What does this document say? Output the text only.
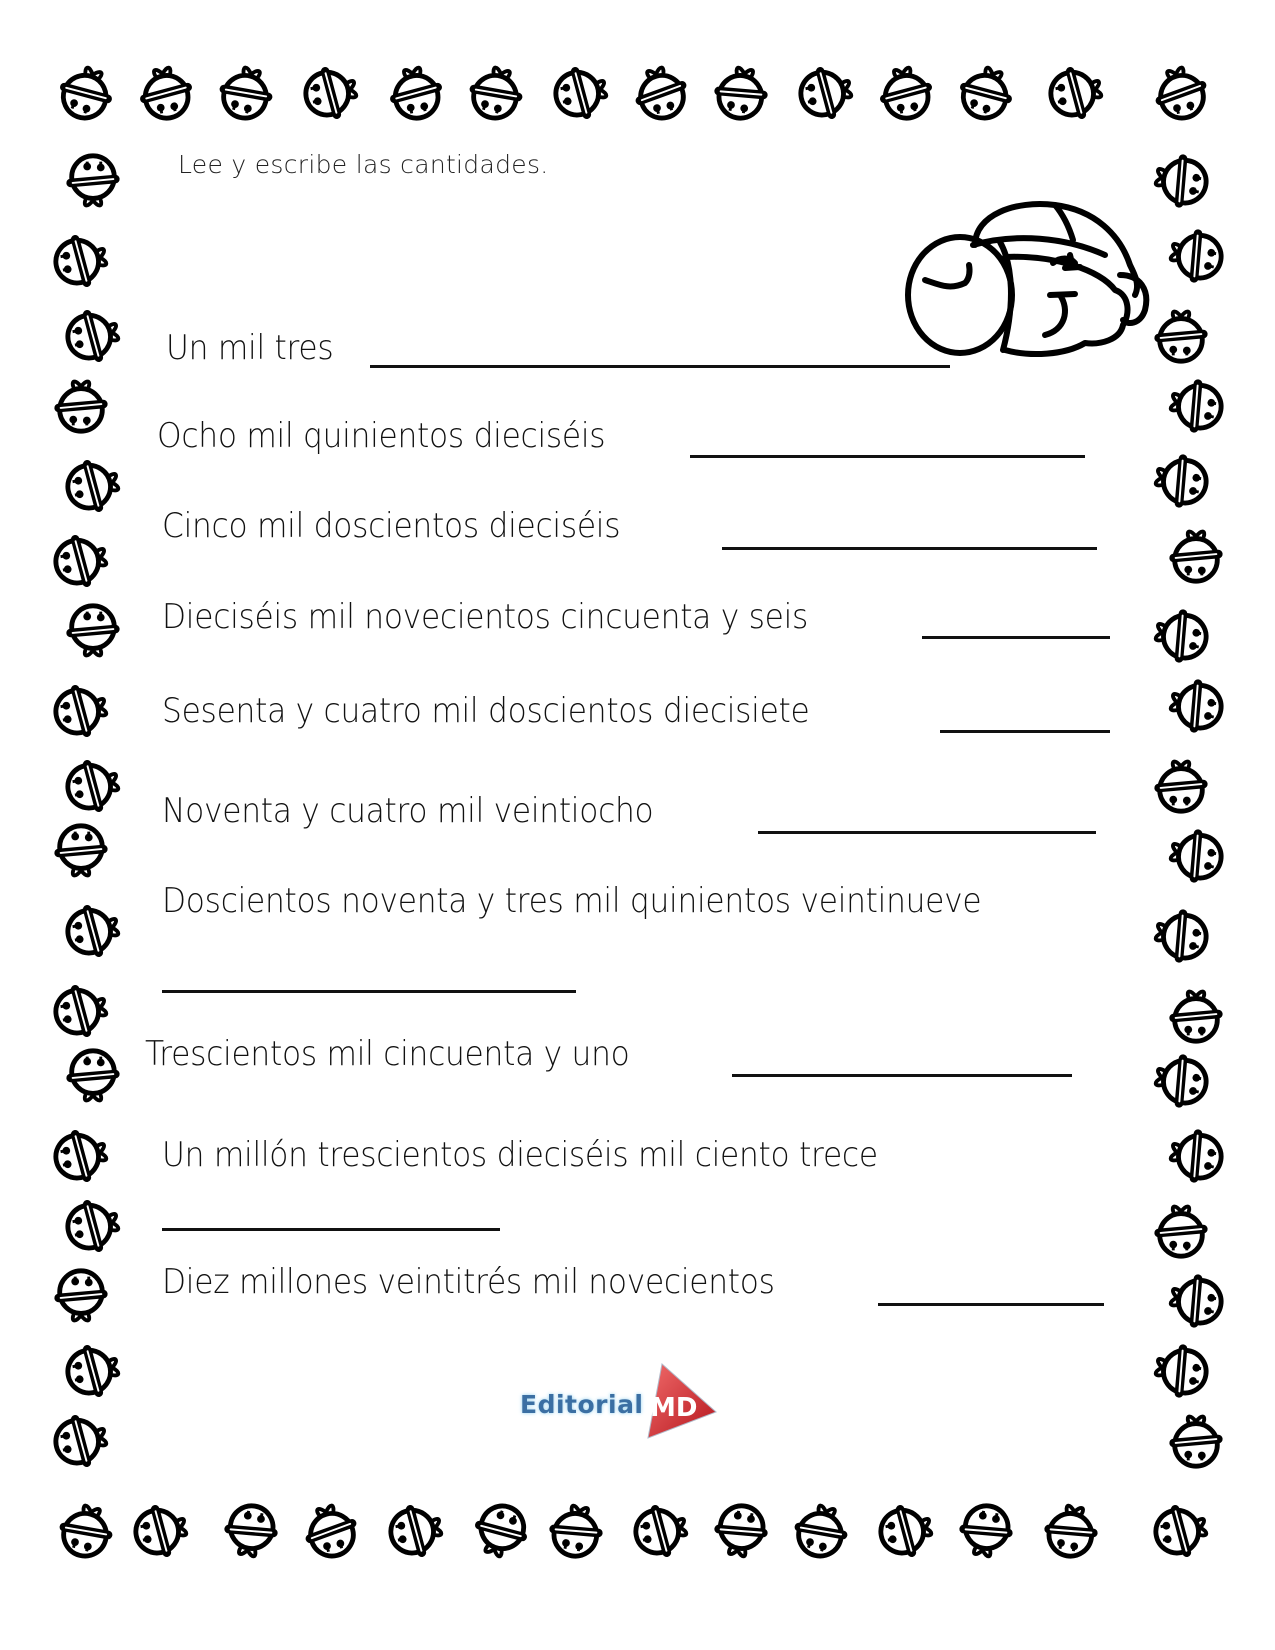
Lee y escribe las cantidades.
Un mil tres
Ocho mil quinientos dieciséis
Cinco mil doscientos dieciséis
Dieciséis mil novecientos cincuenta y seis
Sesenta y cuatro mil doscientos diecisiete
Noventa y cuatro mil veintiocho
Doscientos noventa y tres mil quinientos veintinueve
Trescientos mil cincuenta y uno
Un millón trescientos dieciséis mil ciento trece
Diez millones veintitrés mil novecientos
Editorial MD
